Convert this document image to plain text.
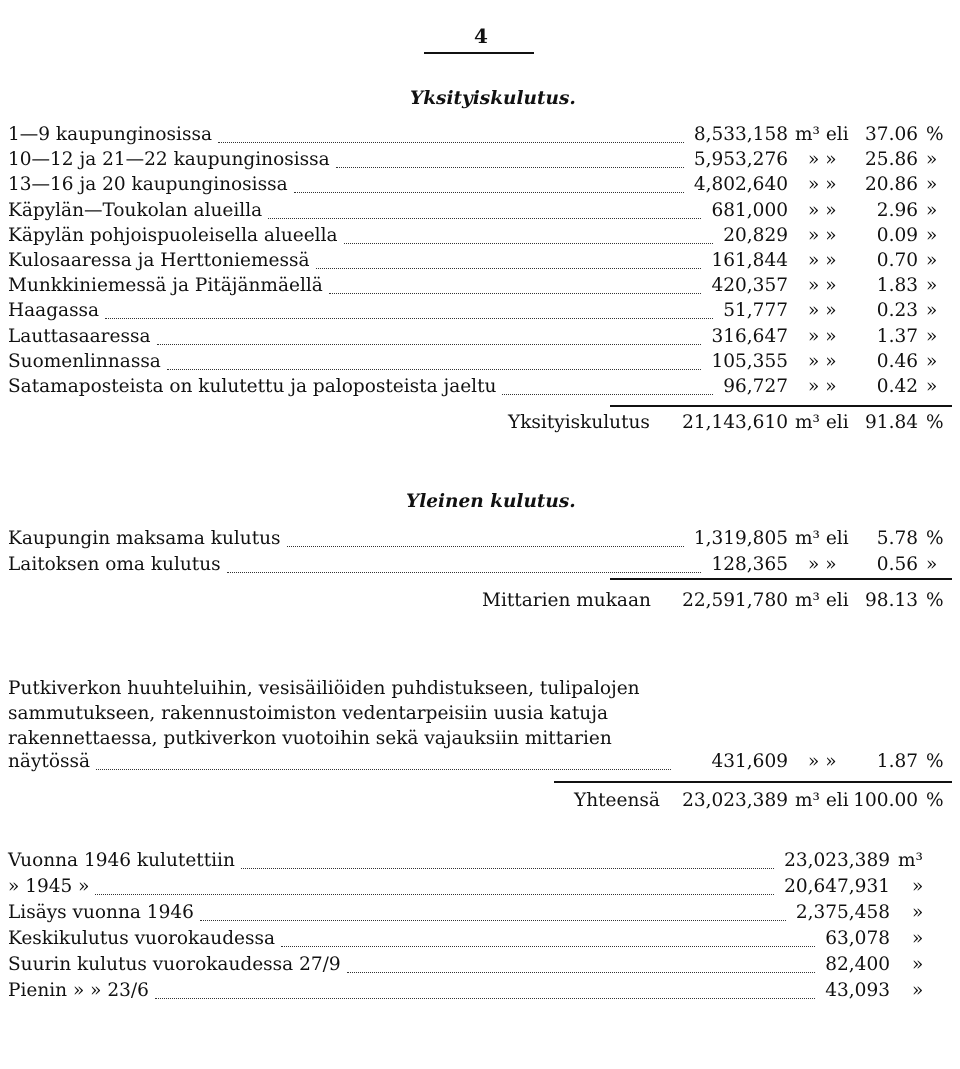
4
Yksityiskulutus.
1—9 kaupunginosissa	8,533,158 m³ eli 37.06 %
10—12 ja 21—22 kaupunginosissa	5,953,276 » » 25.86 »
13—16 ja 20 kaupunginosissa	4,802,640 » » 20.86 »
Käpylän—Toukolan alueilla	681,000 » » 2.96 »
Käpylän pohjoispuoleisella alueella	20,829 » » 0.09 »
Kulosaaressa ja Herttoniemessä	161,844 » » 0.70 »
Munkkiniemessä ja Pitäjänmäellä	420,357 » » 1.83 »
Haagassa	51,777 » » 0.23 »
Lauttasaaressa	316,647 » » 1.37 »
Suomenlinnassa	105,355 » » 0.46 »
Satamaposteista on kulutettu ja paloposteista jaeltu	96,727 » » 0.42 »
Yksityiskulutus 21,143,610 m³ eli 91.84 %
Yleinen kulutus.
Kaupungin maksama kulutus	1,319,805 m³ eli 5.78 %
Laitoksen oma kulutus	128,365 » » 0.56 »
Mittarien mukaan 22,591,780 m³ eli 98.13 %
Putkiverkon huuhteluihin, vesisäiliöiden puhdistukseen, tulipalojen
sammutukseen, rakennustoimiston vedentarpeisiin uusia katuja
rakennettaessa, putkiverkon vuotoihin sekä vajauksiin mittarien
näytössä	431,609 » » 1.87 %
Yhteensä 23,023,389 m³ eli 100.00 %
Vuonna 1946 kulutettiin	23,023,389 m³
» 1945 »	20,647,931 »
Lisäys vuonna 1946	2,375,458 »
Keskikulutus vuorokaudessa	63,078 »
Suurin kulutus vuorokaudessa 27/9	82,400 »
Pienin » » 23/6	43,093 »
